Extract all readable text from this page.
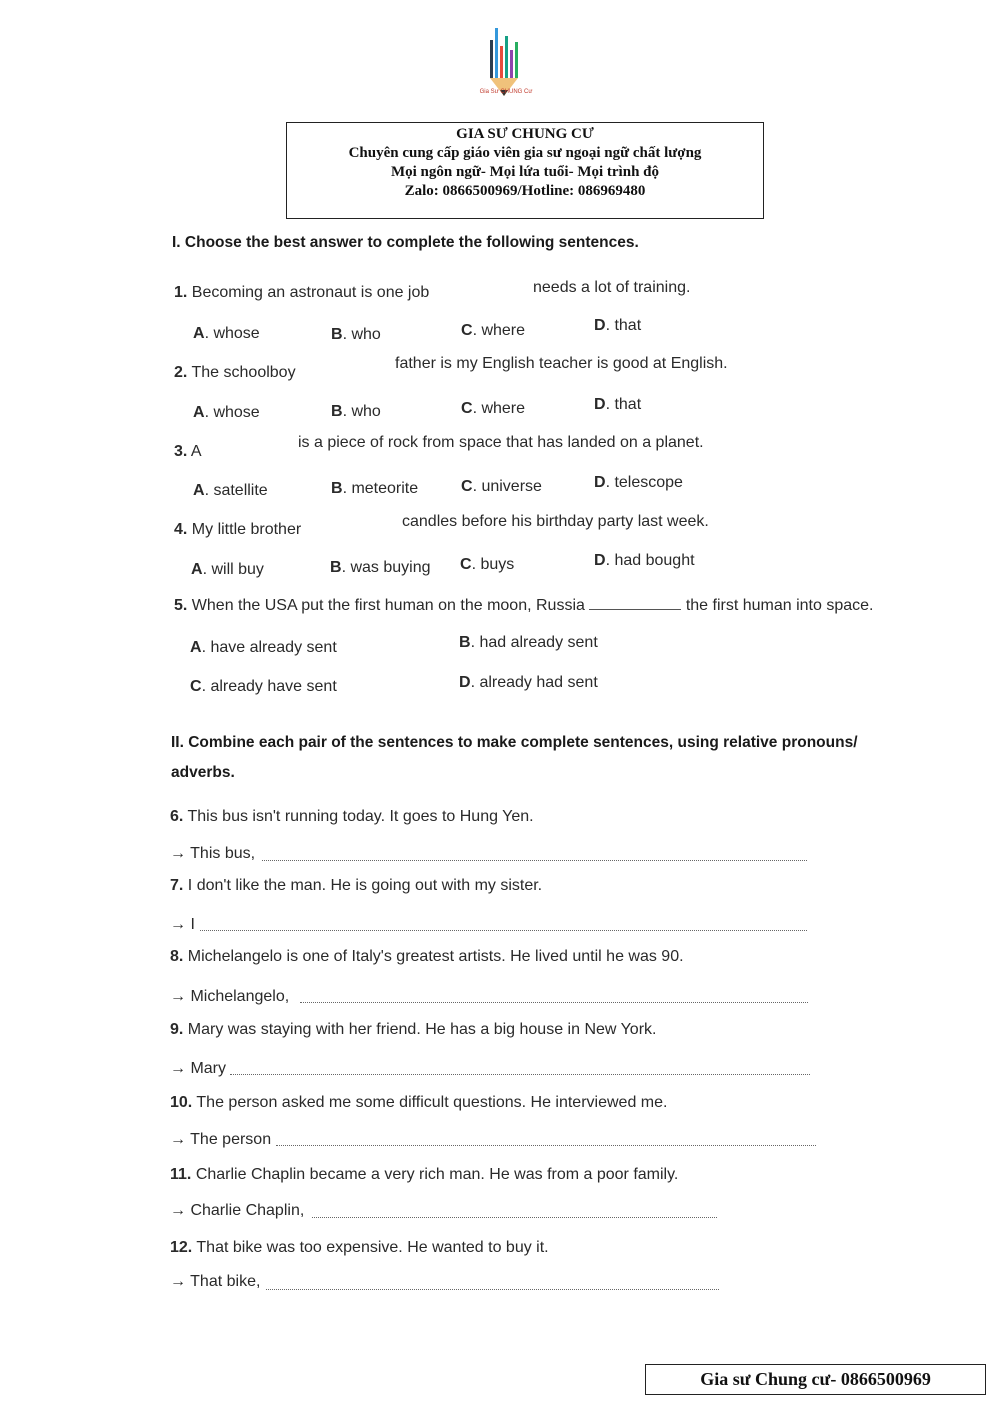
Gia Sư CHUNG Cư
GIA SƯ CHUNG CƯ
Chuyên cung cấp giáo viên gia sư ngoại ngữ chất lượng
Mọi ngôn ngữ- Mọi lứa tuổi- Mọi trình độ
Zalo: 0866500969/Hotline: 086969480
I. Choose the best answer to complete the following sentences.
1. Becoming an astronaut is one job	needs a lot of training.
A. whose	B. who	C. where	D. that
2. The schoolboy
father is my English teacher is good at English.
A. whose	B. who	C. where	D. that
3. A
is a piece of rock from space that has landed on a planet.
A. satellite	B. meteorite	C. universe	D. telescope
4. My little brother	candles before his birthday party last week.
A. will buy	B. was buying C. buys	D. had bought
5. When the USA put the first human on the moon, Russia	the first human into space.
A. have already sent	B. had already sent
C. already have sent	D. already had sent
II. Combine each pair of the sentences to make complete sentences, using relative pronouns/
adverbs.
6. This bus isn't running today. It goes to Hung Yen.
→ This bus,
7. I don't like the man. He is going out with my sister.
→ I
8. Michelangelo is one of Italy's greatest artists. He lived until he was 90.
→ Michelangelo,
9. Mary was staying with her friend. He has a big house in New York.
→ Mary
10. The person asked me some difficult questions. He interviewed me.
→ The person
11. Charlie Chaplin became a very rich man. He was from a poor family.
→ Charlie Chaplin,
12. That bike was too expensive. He wanted to buy it.
→ That bike,
Gia sư Chung cư- 0866500969
